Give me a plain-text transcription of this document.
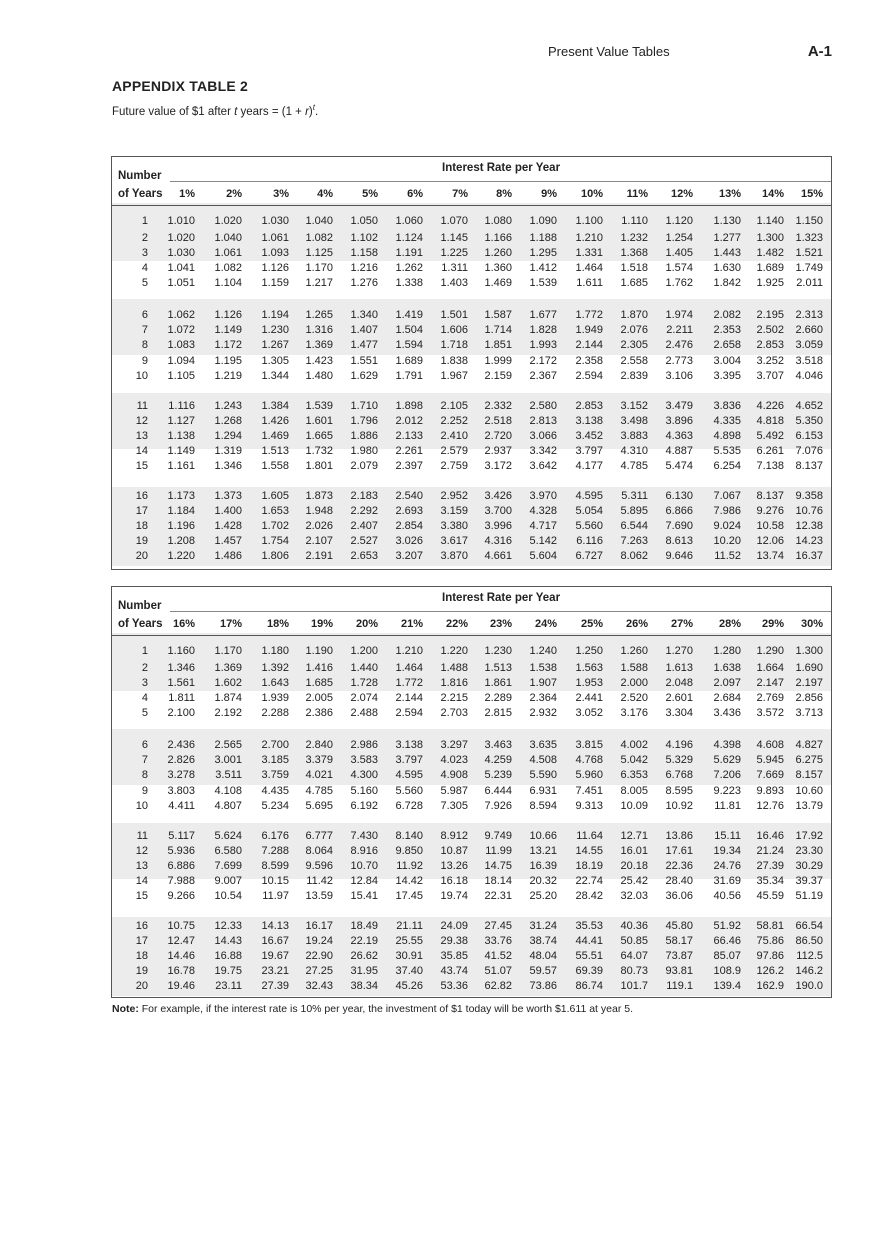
Present Value Tables	A-1
APPENDIX TABLE 2
Future value of $1 after t years = $(1 + r)^t$.
Number
of Years
Interest Rate per Year
1%	2%	3%	4%	5%	6%	7%	8%	9%	10%	11%	12%	13%	14%	15%
1	1.010	1.020	1.030	1.040	1.050	1.060	1.070	1.080	1.090	1.100	1.110	1.120	1.130	1.140	1.150
2	1.020	1.040	1.061	1.082	1.102	1.124	1.145	1.166	1.188	1.210	1.232	1.254	1.277	1.300	1.323
3	1.030	1.061	1.093	1.125	1.158	1.191	1.225	1.260	1.295	1.331	1.368	1.405	1.443	1.482	1.521
4	1.041	1.082	1.126	1.170	1.216	1.262	1.311	1.360	1.412	1.464	1.518	1.574	1.630	1.689	1.749
5	1.051	1.104	1.159	1.217	1.276	1.338	1.403	1.469	1.539	1.611	1.685	1.762	1.842	1.925	2.011
6	1.062	1.126	1.194	1.265	1.340	1.419	1.501	1.587	1.677	1.772	1.870	1.974	2.082	2.195	2.313
7	1.072	1.149	1.230	1.316	1.407	1.504	1.606	1.714	1.828	1.949	2.076	2.211	2.353	2.502	2.660
8	1.083	1.172	1.267	1.369	1.477	1.594	1.718	1.851	1.993	2.144	2.305	2.476	2.658	2.853	3.059
9	1.094	1.195	1.305	1.423	1.551	1.689	1.838	1.999	2.172	2.358	2.558	2.773	3.004	3.252	3.518
10	1.105	1.219	1.344	1.480	1.629	1.791	1.967	2.159	2.367	2.594	2.839	3.106	3.395	3.707	4.046
11	1.116	1.243	1.384	1.539	1.710	1.898	2.105	2.332	2.580	2.853	3.152	3.479	3.836	4.226	4.652
12	1.127	1.268	1.426	1.601	1.796	2.012	2.252	2.518	2.813	3.138	3.498	3.896	4.335	4.818	5.350
13	1.138	1.294	1.469	1.665	1.886	2.133	2.410	2.720	3.066	3.452	3.883	4.363	4.898	5.492	6.153
14	1.149	1.319	1.513	1.732	1.980	2.261	2.579	2.937	3.342	3.797	4.310	4.887	5.535	6.261	7.076
15	1.161	1.346	1.558	1.801	2.079	2.397	2.759	3.172	3.642	4.177	4.785	5.474	6.254	7.138	8.137
16	1.173	1.373	1.605	1.873	2.183	2.540	2.952	3.426	3.970	4.595	5.311	6.130	7.067	8.137	9.358
17	1.184	1.400	1.653	1.948	2.292	2.693	3.159	3.700	4.328	5.054	5.895	6.866	7.986	9.276	10.76
18	1.196	1.428	1.702	2.026	2.407	2.854	3.380	3.996	4.717	5.560	6.544	7.690	9.024	10.58	12.38
19	1.208	1.457	1.754	2.107	2.527	3.026	3.617	4.316	5.142	6.116	7.263	8.613	10.20	12.06	14.23
20	1.220	1.486	1.806	2.191	2.653	3.207	3.870	4.661	5.604	6.727	8.062	9.646	11.52	13.74	16.37
Number
of Years
Interest Rate per Year
16%	17%	18%	19%	20%	21%	22%	23%	24%	25%	26%	27%	28%	29%	30%
1	1.160	1.170	1.180	1.190	1.200	1.210	1.220	1.230	1.240	1.250	1.260	1.270	1.280	1.290	1.300
2	1.346	1.369	1.392	1.416	1.440	1.464	1.488	1.513	1.538	1.563	1.588	1.613	1.638	1.664	1.690
3	1.561	1.602	1.643	1.685	1.728	1.772	1.816	1.861	1.907	1.953	2.000	2.048	2.097	2.147	2.197
4	1.811	1.874	1.939	2.005	2.074	2.144	2.215	2.289	2.364	2.441	2.520	2.601	2.684	2.769	2.856
5	2.100	2.192	2.288	2.386	2.488	2.594	2.703	2.815	2.932	3.052	3.176	3.304	3.436	3.572	3.713
6	2.436	2.565	2.700	2.840	2.986	3.138	3.297	3.463	3.635	3.815	4.002	4.196	4.398	4.608	4.827
7	2.826	3.001	3.185	3.379	3.583	3.797	4.023	4.259	4.508	4.768	5.042	5.329	5.629	5.945	6.275
8	3.278	3.511	3.759	4.021	4.300	4.595	4.908	5.239	5.590	5.960	6.353	6.768	7.206	7.669	8.157
9	3.803	4.108	4.435	4.785	5.160	5.560	5.987	6.444	6.931	7.451	8.005	8.595	9.223	9.893	10.60
10	4.411	4.807	5.234	5.695	6.192	6.728	7.305	7.926	8.594	9.313	10.09	10.92	11.81	12.76	13.79
11	5.117	5.624	6.176	6.777	7.430	8.140	8.912	9.749	10.66	11.64	12.71	13.86	15.11	16.46	17.92
12	5.936	6.580	7.288	8.064	8.916	9.850	10.87	11.99	13.21	14.55	16.01	17.61	19.34	21.24	23.30
13	6.886	7.699	8.599	9.596	10.70	11.92	13.26	14.75	16.39	18.19	20.18	22.36	24.76	27.39	30.29
14	7.988	9.007	10.15	11.42	12.84	14.42	16.18	18.14	20.32	22.74	25.42	28.40	31.69	35.34	39.37
15	9.266	10.54	11.97	13.59	15.41	17.45	19.74	22.31	25.20	28.42	32.03	36.06	40.56	45.59	51.19
16	10.75	12.33	14.13	16.17	18.49	21.11	24.09	27.45	31.24	35.53	40.36	45.80	51.92	58.81	66.54
17	12.47	14.43	16.67	19.24	22.19	25.55	29.38	33.76	38.74	44.41	50.85	58.17	66.46	75.86	86.50
18	14.46	16.88	19.67	22.90	26.62	30.91	35.85	41.52	48.04	55.51	64.07	73.87	85.07	97.86	112.5
19	16.78	19.75	23.21	27.25	31.95	37.40	43.74	51.07	59.57	69.39	80.73	93.81	108.9	126.2	146.2
20	19.46	23.11	27.39	32.43	38.34	45.26	53.36	62.82	73.86	86.74	101.7	119.1	139.4	162.9	190.0
Note: For example, if the interest rate is 10% per year, the investment of $1 today will be worth $1.611 at year 5.
